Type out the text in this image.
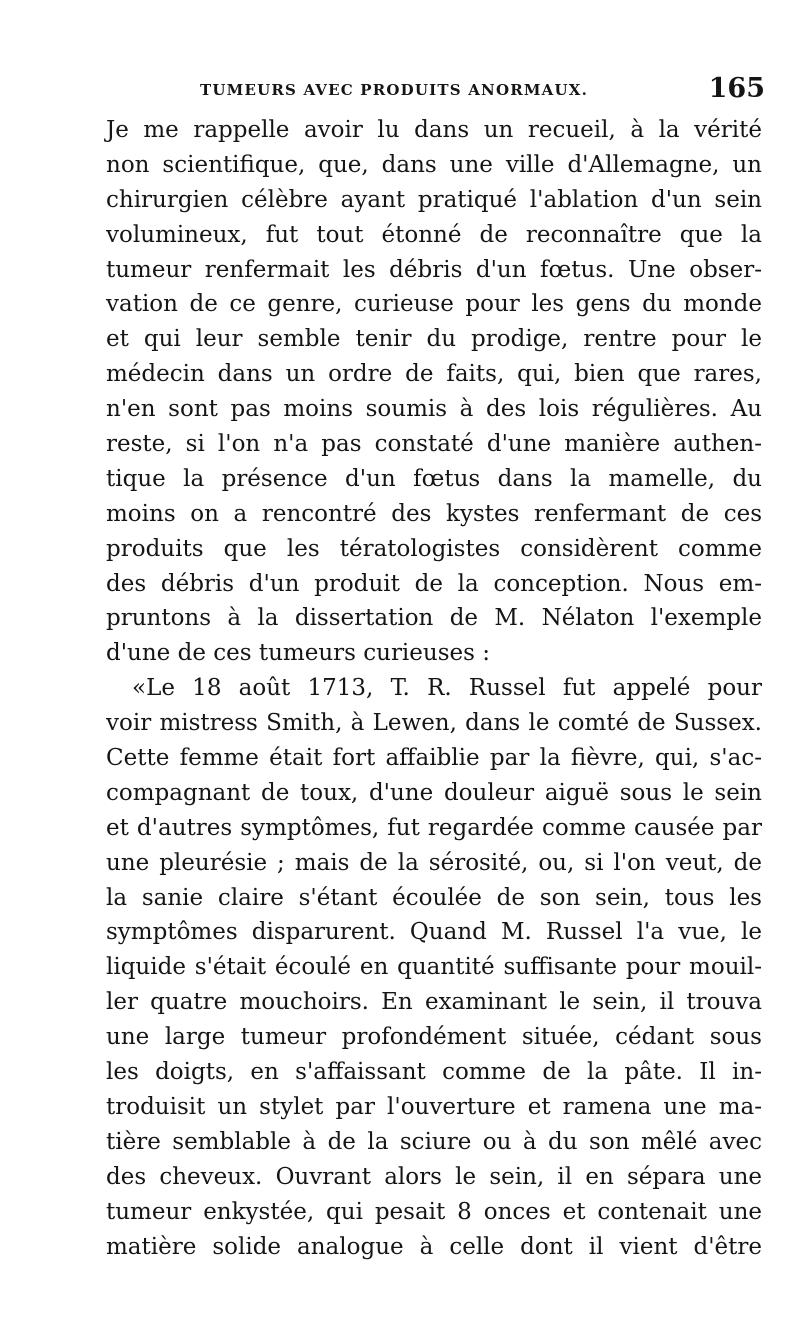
TUMEURS AVEC PRODUITS ANORMAUX.	165
Je me rappelle avoir lu dans un recueil, à la vérité
non scientifique, que, dans une ville d'Allemagne, un
chirurgien célèbre ayant pratiqué l'ablation d'un sein
volumineux, fut tout étonné de reconnaître que la
tumeur renfermait les débris d'un fœtus. Une obser-
vation de ce genre, curieuse pour les gens du monde
et qui leur semble tenir du prodige, rentre pour le
médecin dans un ordre de faits, qui, bien que rares,
n'en sont pas moins soumis à des lois régulières. Au
reste, si l'on n'a pas constaté d'une manière authen-
tique la présence d'un fœtus dans la mamelle, du
moins on a rencontré des kystes renfermant de ces
produits que les tératologistes considèrent comme
des débris d'un produit de la conception. Nous em-
pruntons à la dissertation de M. Nélaton l'exemple
d'une de ces tumeurs curieuses :
«Le 18 août 1713, T. R. Russel fut appelé pour
voir mistress Smith, à Lewen, dans le comté de Sussex.
Cette femme était fort affaiblie par la fièvre, qui, s'ac-
compagnant de toux, d'une douleur aiguë sous le sein
et d'autres symptômes, fut regardée comme causée par
une pleurésie ; mais de la sérosité, ou, si l'on veut, de
la sanie claire s'étant écoulée de son sein, tous les
symptômes disparurent. Quand M. Russel l'a vue, le
liquide s'était écoulé en quantité suffisante pour mouil-
ler quatre mouchoirs. En examinant le sein, il trouva
une large tumeur profondément située, cédant sous
les doigts, en s'affaissant comme de la pâte. Il in-
troduisit un stylet par l'ouverture et ramena une ma-
tière semblable à de la sciure ou à du son mêlé avec
des cheveux. Ouvrant alors le sein, il en sépara une
tumeur enkystée, qui pesait 8 onces et contenait une
matière solide analogue à celle dont il vient d'être
